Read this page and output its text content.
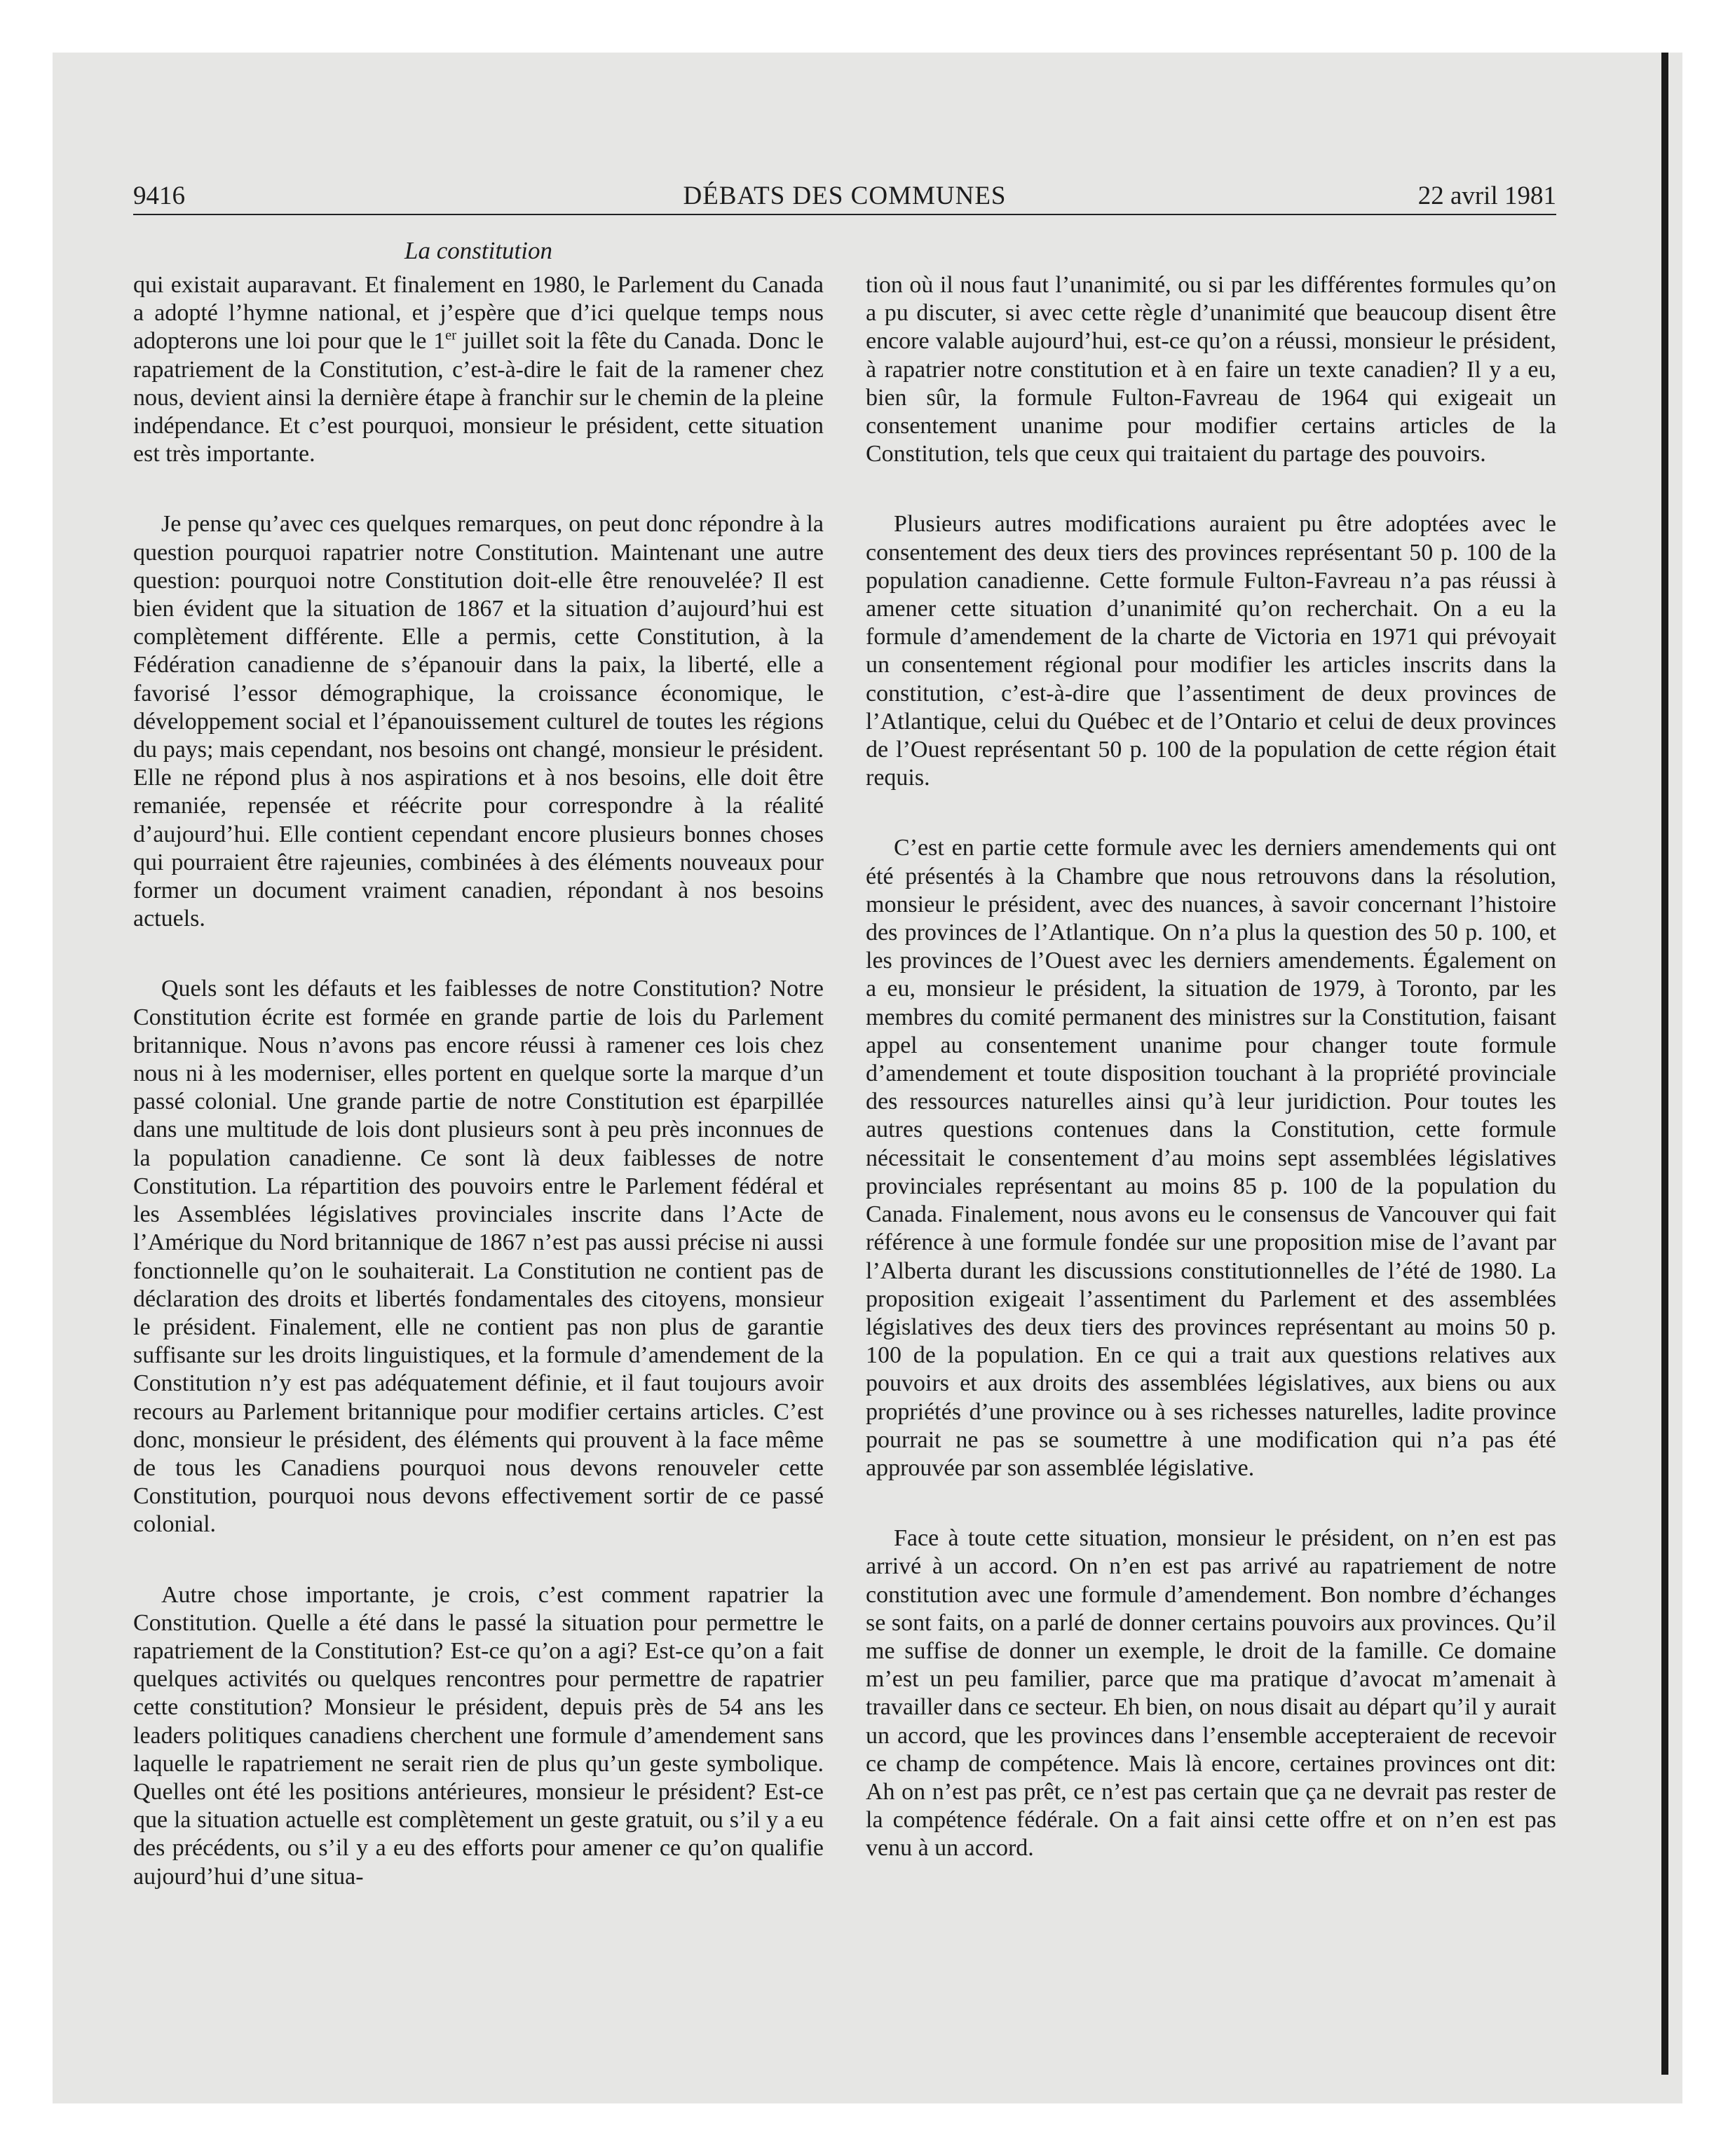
9416	DÉBATS DES COMMUNES	22 avril 1981
La constitution

qui existait auparavant. Et finalement en 1980, le Parlement du Canada a adopté l’hymne national, et j’espère que d’ici quelque temps nous adopterons une loi pour que le 1er juillet soit la fête du Canada. Donc le rapatriement de la Constitution, c’est-à-dire le fait de la ramener chez nous, devient ainsi la dernière étape à franchir sur le chemin de la pleine indépendance. Et c’est pourquoi, monsieur le président, cette situation est très importante.

Je pense qu’avec ces quelques remarques, on peut donc répondre à la question pourquoi rapatrier notre Constitution. Maintenant une autre question: pourquoi notre Constitution doit-elle être renouvelée? Il est bien évident que la situation de 1867 et la situation d’aujourd’hui est complètement différente. Elle a permis, cette Constitution, à la Fédération canadienne de s’épanouir dans la paix, la liberté, elle a favorisé l’essor démographique, la croissance économique, le développement social et l’épanouissement culturel de toutes les régions du pays; mais cependant, nos besoins ont changé, monsieur le président. Elle ne répond plus à nos aspirations et à nos besoins, elle doit être remaniée, repensée et réécrite pour correspondre à la réalité d’aujourd’hui. Elle contient cependant encore plusieurs bonnes choses qui pourraient être rajeunies, combinées à des éléments nouveaux pour former un document vraiment canadien, répondant à nos besoins actuels.

Quels sont les défauts et les faiblesses de notre Constitution? Notre Constitution écrite est formée en grande partie de lois du Parlement britannique. Nous n’avons pas encore réussi à ramener ces lois chez nous ni à les moderniser, elles portent en quelque sorte la marque d’un passé colonial. Une grande partie de notre Constitution est éparpillée dans une multitude de lois dont plusieurs sont à peu près inconnues de la population canadienne. Ce sont là deux faiblesses de notre Constitution. La répartition des pouvoirs entre le Parlement fédéral et les Assemblées législatives provinciales inscrite dans l’Acte de l’Amérique du Nord britannique de 1867 n’est pas aussi précise ni aussi fonctionnelle qu’on le souhaiterait. La Constitution ne contient pas de déclaration des droits et libertés fondamentales des citoyens, monsieur le président. Finalement, elle ne contient pas non plus de garantie suffisante sur les droits linguistiques, et la formule d’amendement de la Constitution n’y est pas adéquatement définie, et il faut toujours avoir recours au Parlement britannique pour modifier certains articles. C’est donc, monsieur le président, des éléments qui prouvent à la face même de tous les Canadiens pourquoi nous devons renouveler cette Constitution, pourquoi nous devons effectivement sortir de ce passé colonial.

Autre chose importante, je crois, c’est comment rapatrier la Constitution. Quelle a été dans le passé la situation pour permettre le rapatriement de la Constitution? Est-ce qu’on a agi? Est-ce qu’on a fait quelques activités ou quelques rencontres pour permettre de rapatrier cette constitution? Monsieur le président, depuis près de 54 ans les leaders politiques canadiens cherchent une formule d’amendement sans laquelle le rapatriement ne serait rien de plus qu’un geste symbolique. Quelles ont été les positions antérieures, monsieur le président? Est-ce que la situation actuelle est complètement un geste gratuit, ou s’il y a eu des précédents, ou s’il y a eu des efforts pour amener ce qu’on qualifie aujourd’hui d’une situa-

tion où il nous faut l’unanimité, ou si par les différentes formules qu’on a pu discuter, si avec cette règle d’unanimité que beaucoup disent être encore valable aujourd’hui, est-ce qu’on a réussi, monsieur le président, à rapatrier notre constitution et à en faire un texte canadien? Il y a eu, bien sûr, la formule Fulton-Favreau de 1964 qui exigeait un consentement unanime pour modifier certains articles de la Constitution, tels que ceux qui traitaient du partage des pouvoirs.

Plusieurs autres modifications auraient pu être adoptées avec le consentement des deux tiers des provinces représentant 50 p. 100 de la population canadienne. Cette formule Fulton-Favreau n’a pas réussi à amener cette situation d’unanimité qu’on recherchait. On a eu la formule d’amendement de la charte de Victoria en 1971 qui prévoyait un consentement régional pour modifier les articles inscrits dans la constitution, c’est-à-dire que l’assentiment de deux provinces de l’Atlantique, celui du Québec et de l’Ontario et celui de deux provinces de l’Ouest représentant 50 p. 100 de la population de cette région était requis.

C’est en partie cette formule avec les derniers amendements qui ont été présentés à la Chambre que nous retrouvons dans la résolution, monsieur le président, avec des nuances, à savoir concernant l’histoire des provinces de l’Atlantique. On n’a plus la question des 50 p. 100, et les provinces de l’Ouest avec les derniers amendements. Également on a eu, monsieur le président, la situation de 1979, à Toronto, par les membres du comité permanent des ministres sur la Constitution, faisant appel au consentement unanime pour changer toute formule d’amendement et toute disposition touchant à la propriété provinciale des ressources naturelles ainsi qu’à leur juridiction. Pour toutes les autres questions contenues dans la Constitution, cette formule nécessitait le consentement d’au moins sept assemblées législatives provinciales représentant au moins 85 p. 100 de la population du Canada. Finalement, nous avons eu le consensus de Vancouver qui fait référence à une formule fondée sur une proposition mise de l’avant par l’Alberta durant les discussions constitutionnelles de l’été de 1980. La proposition exigeait l’assentiment du Parlement et des assemblées législatives des deux tiers des provinces représentant au moins 50 p. 100 de la population. En ce qui a trait aux questions relatives aux pouvoirs et aux droits des assemblées législatives, aux biens ou aux propriétés d’une province ou à ses richesses naturelles, ladite province pourrait ne pas se soumettre à une modification qui n’a pas été approuvée par son assemblée législative.

Face à toute cette situation, monsieur le président, on n’en est pas arrivé à un accord. On n’en est pas arrivé au rapatriement de notre constitution avec une formule d’amendement. Bon nombre d’échanges se sont faits, on a parlé de donner certains pouvoirs aux provinces. Qu’il me suffise de donner un exemple, le droit de la famille. Ce domaine m’est un peu familier, parce que ma pratique d’avocat m’amenait à travailler dans ce secteur. Eh bien, on nous disait au départ qu’il y aurait un accord, que les provinces dans l’ensemble accepteraient de recevoir ce champ de compétence. Mais là encore, certaines provinces ont dit: Ah on n’est pas prêt, ce n’est pas certain que ça ne devrait pas rester de la compétence fédérale. On a fait ainsi cette offre et on n’en est pas venu à un accord.
